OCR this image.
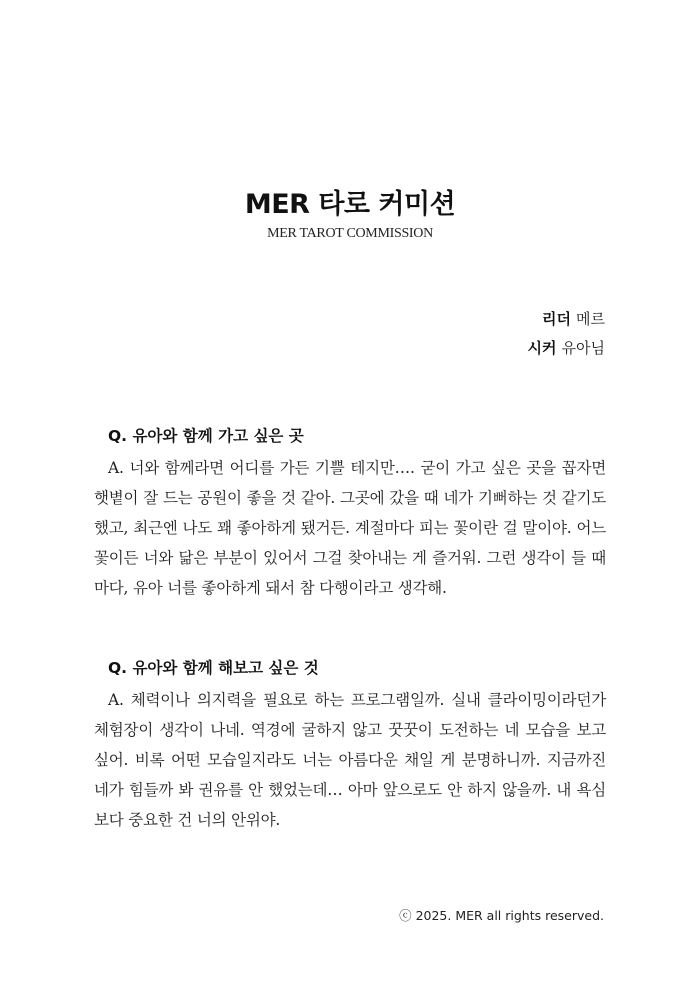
MER 타로 커미션
MER TAROT COMMISSION
리더 메르
시커 유아님
Q. 유아와 함께 가고 싶은 곳

A. 너와 함께라면 어디를 가든 기쁠 테지만…. 굳이 가고 싶은 곳을 꼽자면 햇볕이 잘 드는 공원이 좋을 것 같아. 그곳에 갔을 때 네가 기뻐하는 것 같기도 했고, 최근엔 나도 꽤 좋아하게 됐거든. 계절마다 피는 꽃이란 걸 말이야. 어느 꽃이든 너와 닮은 부분이 있어서 그걸 찾아내는 게 즐거워. 그런 생각이 들 때마다, 유아 너를 좋아하게 돼서 참 다행이라고 생각해.

Q. 유아와 함께 해보고 싶은 것

A. 체력이나 의지력을 필요로 하는 프로그램일까. 실내 클라이밍이라던가 체험장이 생각이 나네. 역경에 굴하지 않고 꿋꿋이 도전하는 네 모습을 보고 싶어. 비록 어떤 모습일지라도 너는 아름다운 채일 게 분명하니까. 지금까진 네가 힘들까 봐 권유를 안 했었는데… 아마 앞으로도 안 하지 않을까. 내 욕심보다 중요한 건 너의 안위야.

ⓒ 2025. MER all rights reserved.
